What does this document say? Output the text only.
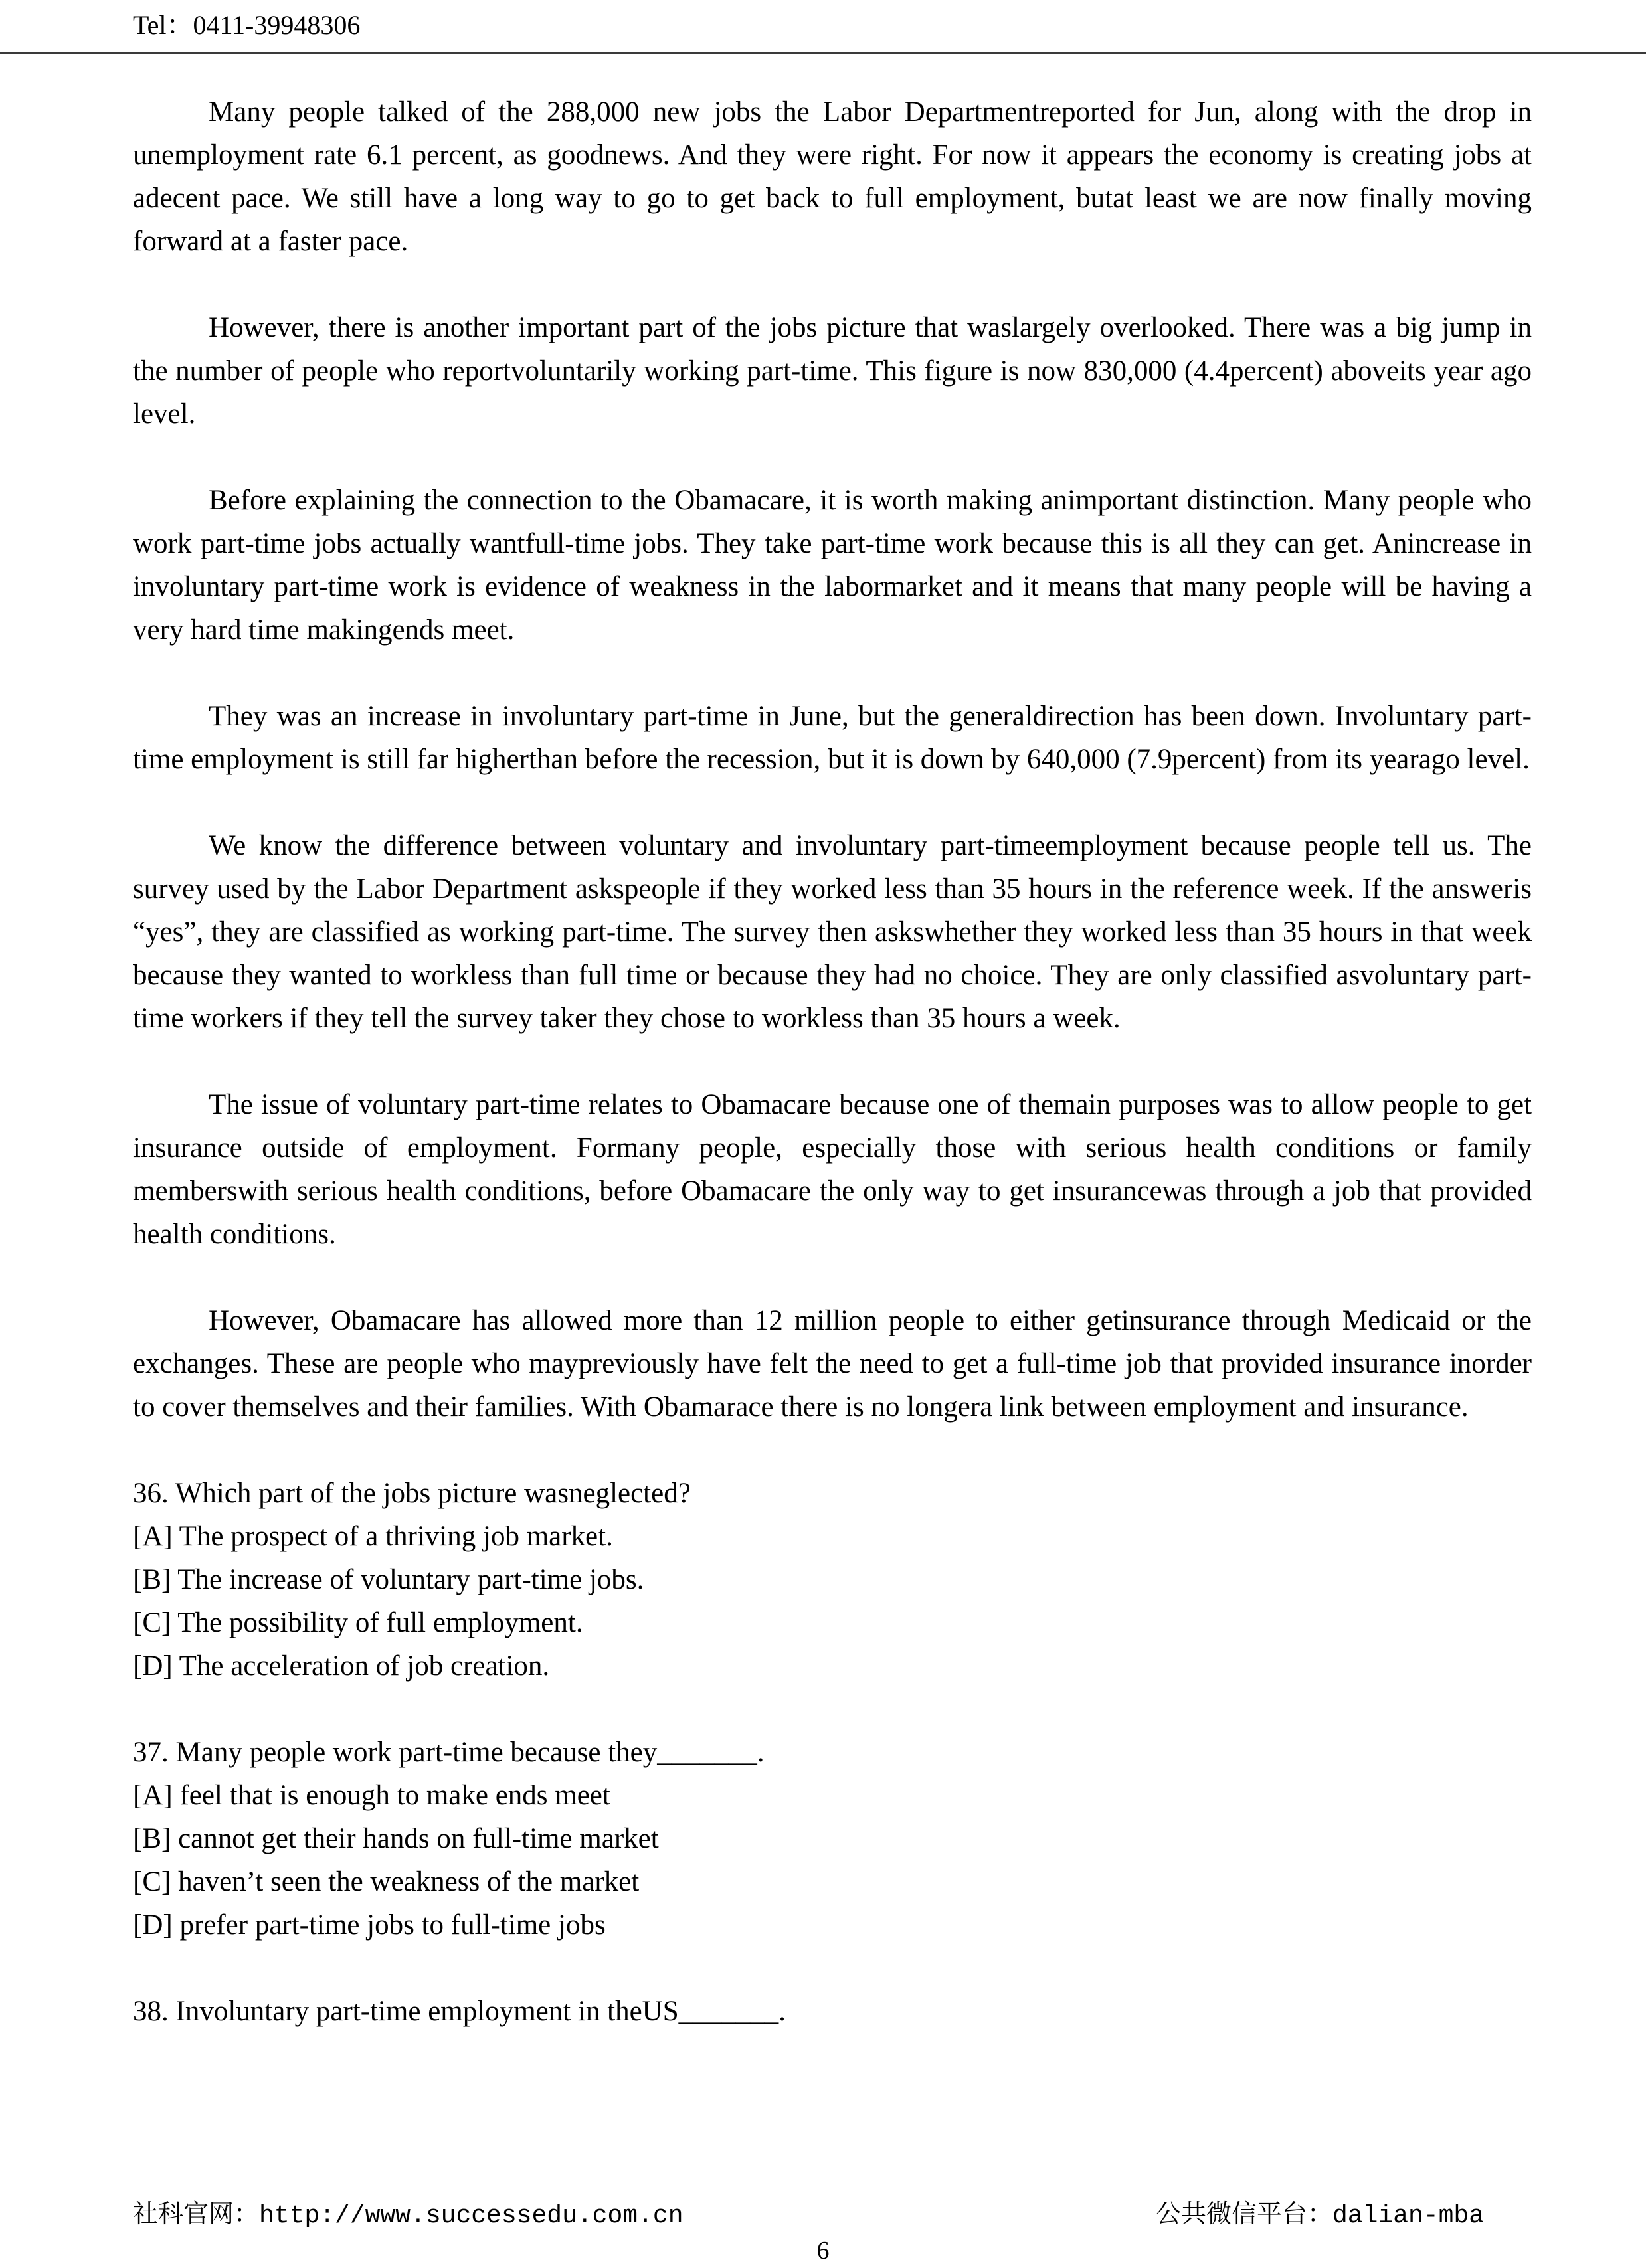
Tel：0411-39948306

Many people talked of the 288,000 new jobs the Labor Departmentreported for Jun, along with the drop in unemployment rate 6.1 percent, as goodnews. And they were right. For now it appears the economy is creating jobs at adecent pace. We still have a long way to go to get back to full employment, butat least we are now finally moving forward at a faster pace.

However, there is another important part of the jobs picture that waslargely overlooked. There was a big jump in the number of people who reportvoluntarily working part-time. This figure is now 830,000 (4.4percent) aboveits year ago level.

Before explaining the connection to the Obamacare, it is worth making animportant distinction. Many people who work part-time jobs actually wantfull-time jobs. They take part-time work because this is all they can get. Anincrease in involuntary part-time work is evidence of weakness in the labormarket and it means that many people will be having a very hard time makingends meet.

They was an increase in involuntary part-time in June, but the generaldirection has been down. Involuntary part-time employment is still far higherthan before the recession, but it is down by 640,000 (7.9percent) from its yearago level.

We know the difference between voluntary and involuntary part-timeemployment because people tell us. The survey used by the Labor Department askspeople if they worked less than 35 hours in the reference week. If the answeris “yes”, they are classified as working part-time. The survey then askswhether they worked less than 35 hours in that week because they wanted to workless than full time or because they had no choice. They are only classified asvoluntary part-time workers if they tell the survey taker they chose to workless than 35 hours a week.

The issue of voluntary part-time relates to Obamacare because one of themain purposes was to allow people to get insurance outside of employment. Formany people, especially those with serious health conditions or family memberswith serious health conditions, before Obamacare the only way to get insurancewas through a job that provided health conditions.

However, Obamacare has allowed more than 12 million people to either getinsurance through Medicaid or the exchanges. These are people who maypreviously have felt the need to get a full-time job that provided insurance inorder to cover themselves and their families. With Obamarace there is no longera link between employment and insurance.

36. Which part of the jobs picture wasneglected?

[A] The prospect of a thriving job market.

[B] The increase of voluntary part-time jobs.

[C] The possibility of full employment.

[D] The acceleration of job creation.

37. Many people work part-time because they_______.

[A] feel that is enough to make ends meet

[B] cannot get their hands on full-time market

[C] haven’t seen the weakness of the market

[D] prefer part-time jobs to full-time jobs

38. Involuntary part-time employment in theUS_______.

社科官网：http://www.successedu.com.cn	公共微信平台：dalian-mba
6
